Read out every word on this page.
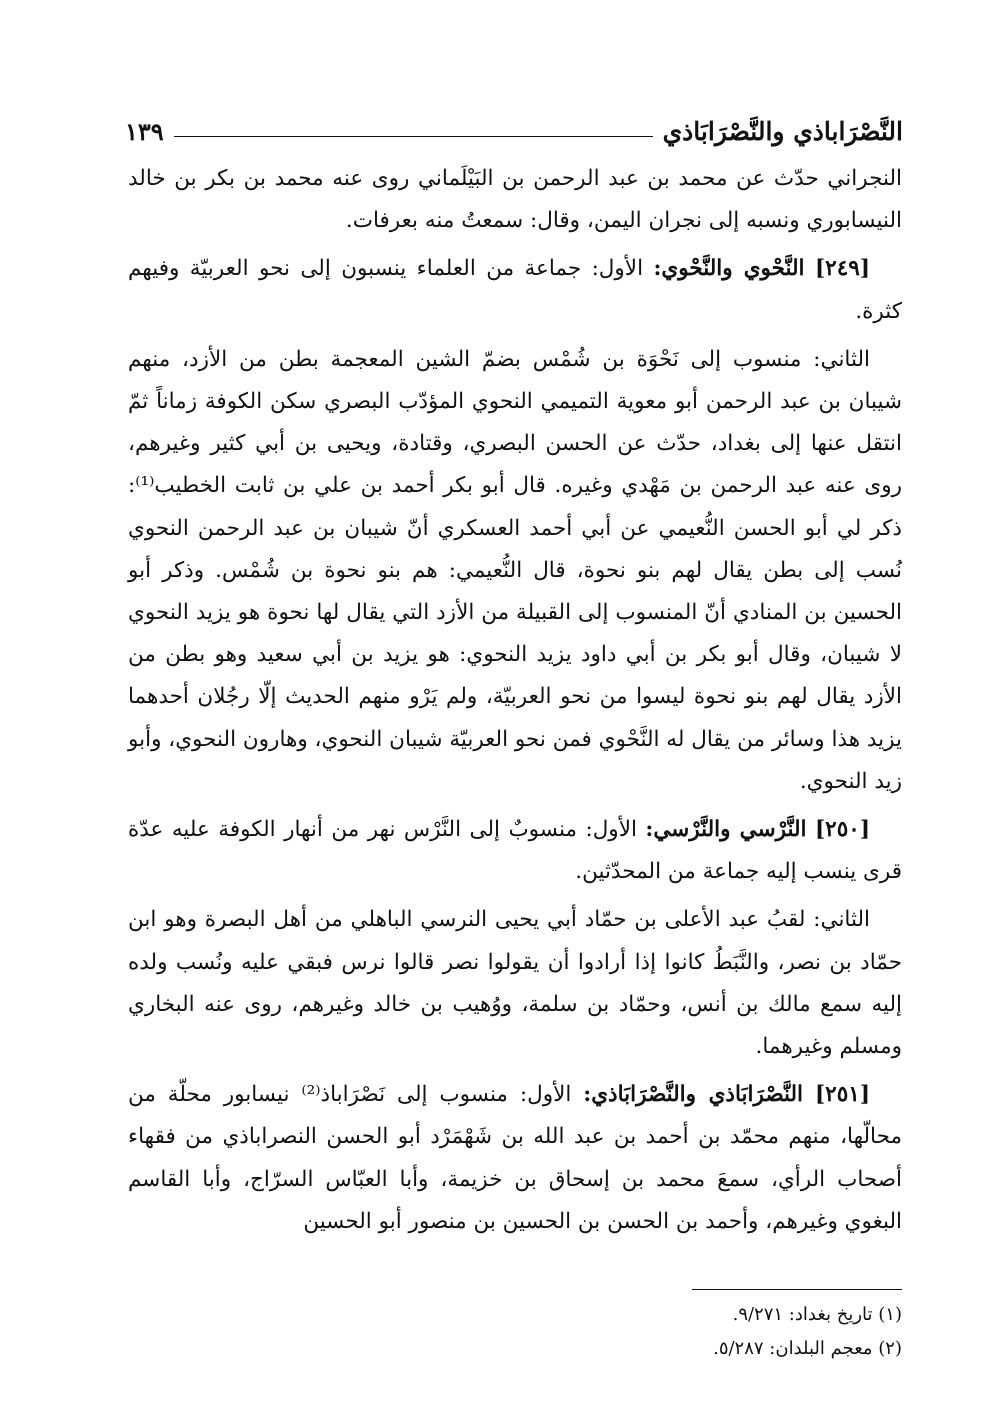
النَّصْرَاباذي والنَّصْرَابَاذي
١٣٩

النجراني حدّث عن محمد بن عبد الرحمن بن البَيْلَماني روى عنه محمد بن بكر بن خالد النيسابوري ونسبه إلى نجران اليمن، وقال: سمعتُ منه بعرفات.

[٢٤٩] النَّحْوي والنَّحْوي: الأول: جماعة من العلماء ينسبون إلى نحو العربيّة وفيهم كثرة.

الثاني: منسوب إلى نَحْوَة بن شُمْس بضمّ الشين المعجمة بطن من الأزد، منهم شيبان بن عبد الرحمن أبو معوية التميمي النحوي المؤدّب البصري سكن الكوفة زماناً ثمّ انتقل عنها إلى بغداد، حدّث عن الحسن البصري، وقتادة، ويحيى بن أبي كثير وغيرهم، روى عنه عبد الرحمن بن مَهْدي وغيره. قال أبو بكر أحمد بن علي بن ثابت الخطيب⁽¹⁾: ذكر لي أبو الحسن النُّعيمي عن أبي أحمد العسكري أنّ شيبان بن عبد الرحمن النحوي نُسب إلى بطن يقال لهم بنو نحوة، قال النُّعيمي: هم بنو نحوة بن شُمْس. وذكر أبو الحسين بن المنادي أنّ المنسوب إلى القبيلة من الأزد التي يقال لها نحوة هو يزيد النحوي لا شيبان، وقال أبو بكر بن أبي داود يزيد النحوي: هو يزيد بن أبي سعيد وهو بطن من الأزد يقال لهم بنو نحوة ليسوا من نحو العربيّة، ولم يَرْو منهم الحديث إلّا رجُلان أحدهما يزيد هذا وسائر من يقال له النَّحْوي فمن نحو العربيّة شيبان النحوي، وهارون النحوي، وأبو زيد النحوي.

[٢٥٠] النَّرْسي والنَّرْسي: الأول: منسوبٌ إلى النَّرْس نهر من أنهار الكوفة عليه عدّة قرى ينسب إليه جماعة من المحدّثين.

الثاني: لقبُ عبد الأعلى بن حمّاد أبي يحيى النرسي الباهلي من أهل البصرة وهو ابن حمّاد بن نصر، والنَّبَطُ كانوا إذا أرادوا أن يقولوا نصر قالوا نرس فبقي عليه ونُسب ولده إليه سمع مالك بن أنس، وحمّاد بن سلمة، ووُهيب بن خالد وغيرهم، روى عنه البخاري ومسلم وغيرهما.

[٢٥١] النَّصْرَابَاذي والنَّصْرَابَاذي: الأول: منسوب إلى نَصْرَاباذ⁽²⁾ نيسابور محلّة من محالّها، منهم محمّد بن أحمد بن عبد الله بن شَهْمَرْد أبو الحسن النصراباذي من فقهاء أصحاب الرأي، سمعَ محمد بن إسحاق بن خزيمة، وأبا العبّاس السرّاج، وأبا القاسم البغوي وغيرهم، وأحمد بن الحسن بن الحسين بن منصور أبو الحسين

(١) تاريخ بغداد: ٩/٢٧١.
(٢) معجم البلدان: ٥/٢٨٧.
